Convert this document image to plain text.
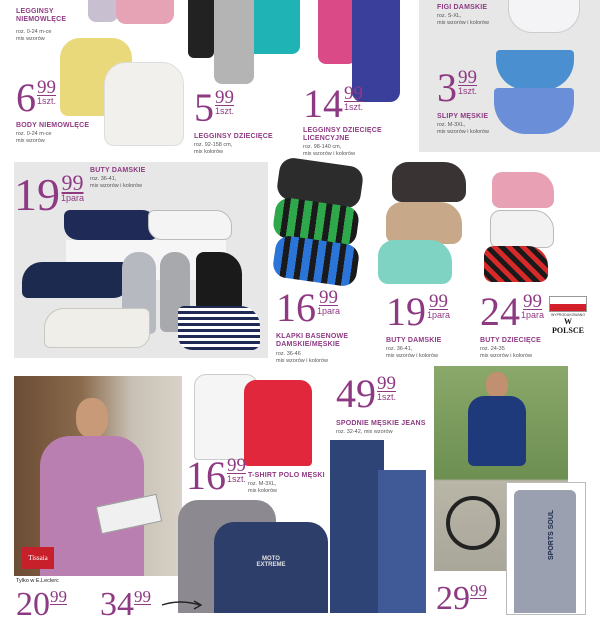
LEGGINSY NIEMOWLĘCE
roz. 0-24 m-ce
mix wzorów
$6 \frac{99}{\text{1szt.}}$
BODY NIEMOWLĘCE
roz. 0-24 m-ce
mix wzorów
$5 \frac{99}{\text{1szt.}}$
LEGGINSY DZIECIĘCE
roz. 92-158 cm,
mix kolorów
$14 \frac{99}{\text{1szt.}}$
LEGGINSY DZIECIĘCE LICENCYJNE
roz. 98-140 cm,
mix wzorów i kolorów
FIGI DAMSKIE
roz. S-XL,
mix wzorów i kolorów
$3 \frac{99}{\text{1szt.}}$
SLIPY MĘSKIE
roz. M-3XL,
mix wzorów i kolorów
$19 \frac{99}{\text{1para}}$
BUTY DAMSKIE
roz. 36-41,
mix wzorów i kolorów
$16 \frac{99}{\text{1para}}$
KLAPKI BASENOWE DAMSKIE/MĘSKIE
roz. 36-46
mix wzorów i kolorów
$19 \frac{99}{\text{1para}}$
BUTY DAMSKIE
roz. 36-41,
mix wzorów i kolorów
$24 \frac{99}{\text{1para}}$
BUTY DZIECIĘCE
roz. 24-35
mix wzorów i kolorów
WYPRODUKOWANO
W POLSCE
Tissaia
Tylko w E.Leclerc
$16 \frac{99}{\text{1szt.}}$ T-SHIRT POLO MĘSKI
roz. M-3XL,
mix kolorów
MOTO EXTREME
$49 \frac{99}{\text{1szt.}}$
SPODNIE MĘSKIE JEANS
roz. 32-42, mix wzorów
SPORTS SOUL
20 99 34 99	29 99
